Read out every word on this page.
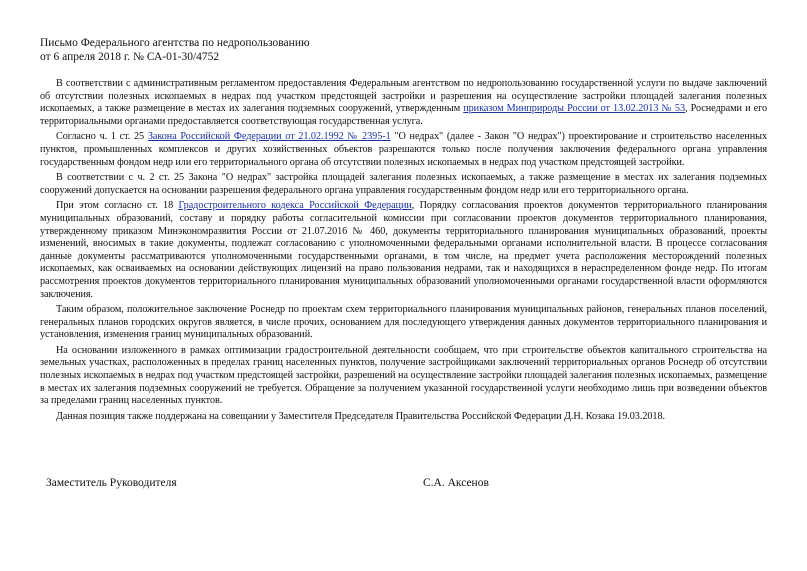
Письмо Федерального агентства по недропользованию
от 6 апреля 2018 г. № СА-01-30/4752

В соответствии с административным регламентом предоставления Федеральным агентством по недропользованию государственной услуги по выдаче заключений об отсутствии полезных ископаемых в недрах под участком предстоящей застройки и разрешения на осуществление застройки площадей залегания полезных ископаемых, а также размещение в местах их залегания подземных сооружений, утвержденным приказом Минприроды России от 13.02.2013 № 53, Роснедрами и его территориальными органами предоставляется соответствующая государственная услуга.

Согласно ч. 1 ст. 25 Закона Российской Федерации от 21.02.1992 № 2395-1 "О недрах" (далее - Закон "О недрах") проектирование и строительство населенных пунктов, промышленных комплексов и других хозяйственных объектов разрешаются только после получения заключения федерального органа управления государственным фондом недр или его территориального органа об отсутствии полезных ископаемых в недрах под участком предстоящей застройки.

В соответствии с ч. 2 ст. 25 Закона "О недрах" застройка площадей залегания полезных ископаемых, а также размещение в местах их залегания подземных сооружений допускается на основании разрешения федерального органа управления государственным фондом недр или его территориального органа.

При этом согласно ст. 18 Градостроительного кодекса Российской Федерации, Порядку согласования проектов документов территориального планирования муниципальных образований, составу и порядку работы согласительной комиссии при согласовании проектов документов территориального планирования, утвержденному приказом Минэкономразвития России от 21.07.2016 № 460, документы территориального планирования муниципальных образований, проекты изменений, вносимых в такие документы, подлежат согласованию с уполномоченными федеральными органами исполнительной власти. В процессе согласования данные документы рассматриваются уполномоченными государственными органами, в том числе, на предмет учета расположения месторождений полезных ископаемых, как осваиваемых на основании действующих лицензий на право пользования недрами, так и находящихся в нераспределенном фонде недр. По итогам рассмотрения проектов документов территориального планирования муниципальных образований уполномоченными органами государственной власти оформляются заключения.

Таким образом, положительное заключение Роснедр по проектам схем территориального планирования муниципальных районов, генеральных планов поселений, генеральных планов городских округов является, в числе прочих, основанием для последующего утверждения данных документов территориального планирования и установления, изменения границ муниципальных образований.

На основании изложенного в рамках оптимизации градостроительной деятельности сообщаем, что при строительстве объектов капитального строительства на земельных участках, расположенных в пределах границ населенных пунктов, получение застройщиками заключений территориальных органов Роснедр об отсутствии полезных ископаемых в недрах под участком предстоящей застройки, разрешений на осуществление застройки площадей залегания полезных ископаемых, размещение в местах их залегания подземных сооружений не требуется. Обращение за получением указанной государственной услуги необходимо лишь при возведении объектов за пределами границ населенных пунктов.

Данная позиция также поддержана на совещании у Заместителя Председателя Правительства Российской Федерации Д.Н. Козака 19.03.2018.

Заместитель Руководителя	С.А. Аксенов
